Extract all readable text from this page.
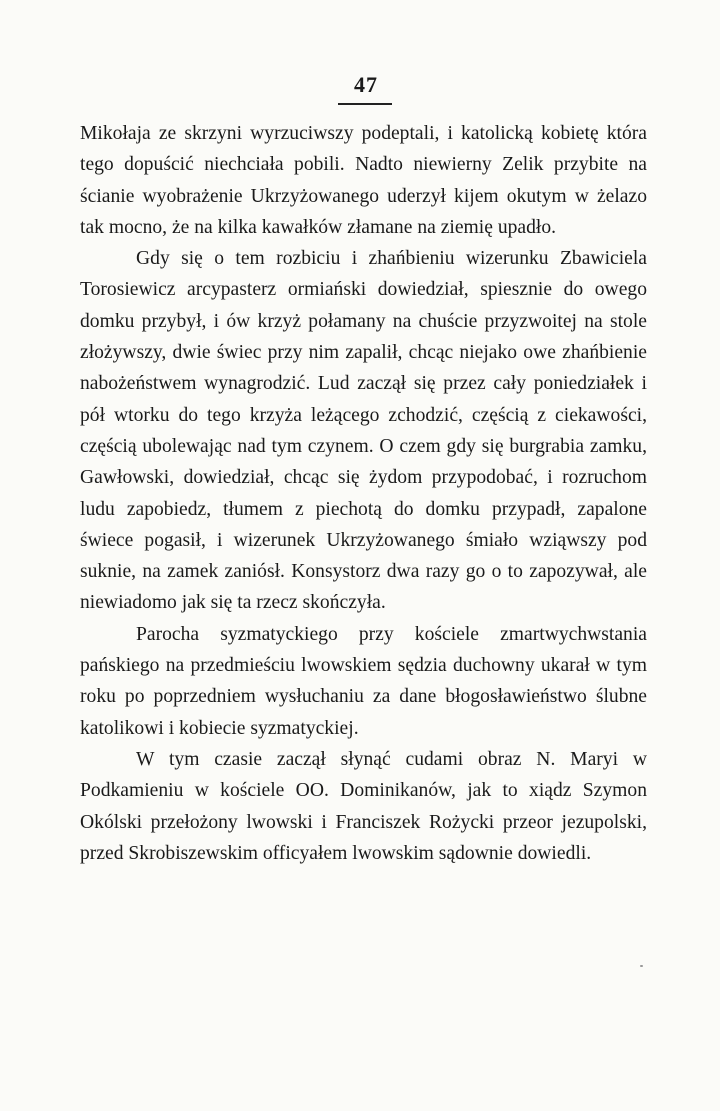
47

Mikołaja ze skrzyni wyrzuciwszy podeptali, i katolicką kobietę która tego dopuścić niechciała pobili. Nadto niewierny Zelik przybite na ścianie wyobrażenie Ukrzyżowanego uderzył kijem okutym w żelazo tak mocno, że na kilka kawałków złamane na ziemię upadło.

Gdy się o tem rozbiciu i zhańbieniu wizerunku Zbawiciela Torosiewicz arcypasterz ormiański dowiedział, spiesznie do owego domku przybył, i ów krzyż połamany na chuście przyzwoitej na stole złożywszy, dwie świec przy nim zapalił, chcąc niejako owe zhańbienie nabożeństwem wynagrodzić. Lud zaczął się przez cały poniedziałek i pół wtorku do tego krzyża leżącego zchodzić, częścią z ciekawości, częścią ubolewając nad tym czynem. O czem gdy się burgrabia zamku, Gawłowski, dowiedział, chcąc się żydom przypodobać, i rozruchom ludu zapobiedz, tłumem z piechotą do domku przypadł, zapalone świece pogasił, i wizerunek Ukrzyżowanego śmiało wziąwszy pod suknie, na zamek zaniósł. Konsystorz dwa razy go o to zapozywał, ale niewiadomo jak się ta rzecz skończyła.

Parocha syzmatyckiego przy kościele zmartwychwstania pańskiego na przedmieściu lwowskiem sędzia duchowny ukarał w tym roku po poprzedniem wysłuchaniu za dane błogosławieństwo ślubne katolikowi i kobiecie syzmatyckiej.

W tym czasie zaczął słynąć cudami obraz N. Maryi w Podkamieniu w kościele OO. Dominikanów, jak to xiądz Szymon Okólski przełożony lwowski i Franciszek Rożycki przeor jezupolski, przed Skrobiszewskim officyałem lwowskim sądownie dowiedli.
